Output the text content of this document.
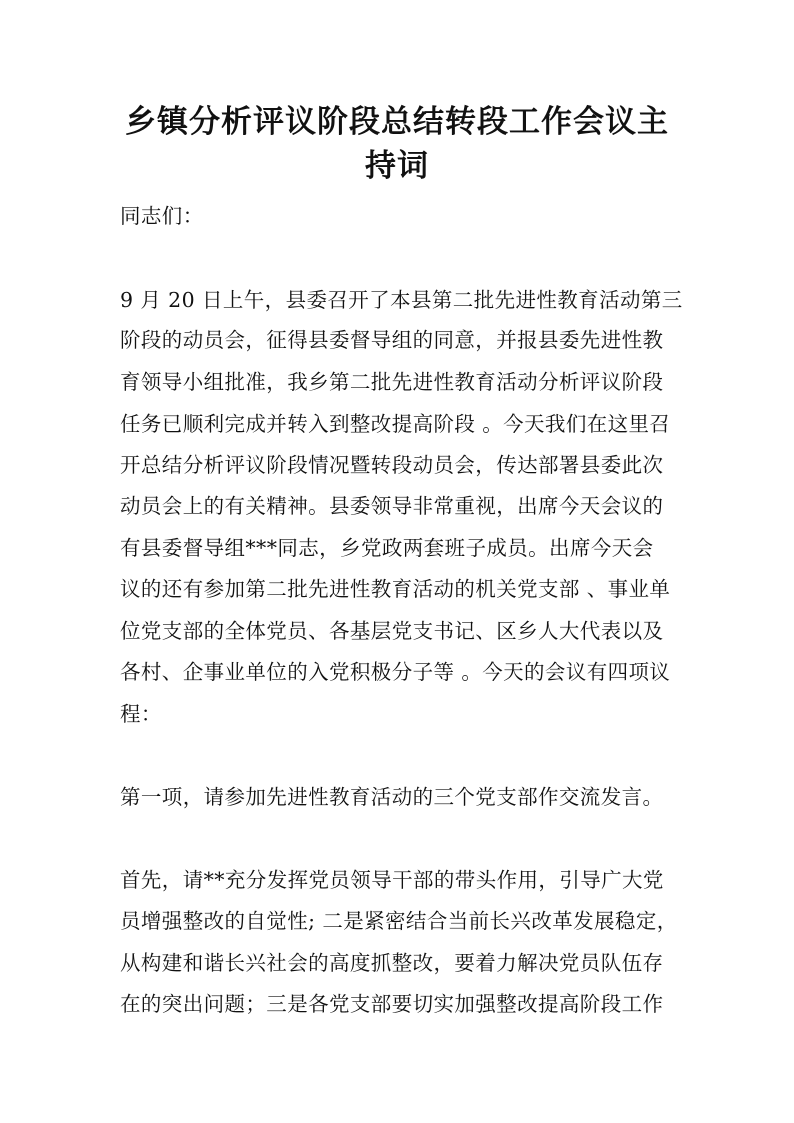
乡镇分析评议阶段总结转段工作会议主
持词
同志们：
9 月 20 日上午，县委召开了本县第二批先进性教育活动第三
阶段的动员会，征得县委督导组的同意，并报县委先进性教
育领导小组批准，我乡第二批先进性教育活动分析评议阶段
任务已顺利完成并转入到整改提高阶段 。今天我们在这里召
开总结分析评议阶段情况暨转段动员会，传达部署县委此次
动员会上的有关精神。县委领导非常重视，出席今天会议的
有县委督导组***同志，乡党政两套班子成员。出席今天会
议的还有参加第二批先进性教育活动的机关党支部 、事业单
位党支部的全体党员、各基层党支书记、区乡人大代表以及
各村、企事业单位的入党积极分子等 。今天的会议有四项议
程：
第一项，请参加先进性教育活动的三个党支部作交流发言。
首先，请**充分发挥党员领导干部的带头作用，引导广大党
员增强整改的自觉性; 二是紧密结合当前长兴改革发展稳定，
从构建和谐长兴社会的高度抓整改，要着力解决党员队伍存
在的突出问题；三是各党支部要切实加强整改提高阶段工作
